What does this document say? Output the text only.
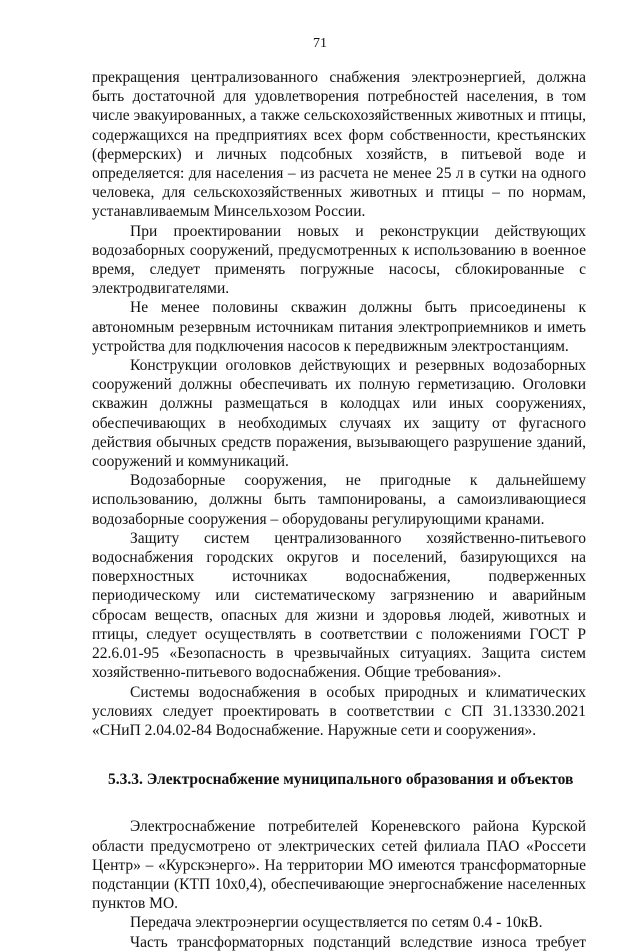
71

прекращения централизованного снабжения электроэнергией, должна быть достаточной для удовлетворения потребностей населения, в том числе эвакуированных, а также сельскохозяйственных животных и птицы, содержащихся на предприятиях всех форм собственности, крестьянских (фермерских) и личных подсобных хозяйств, в питьевой воде и определяется: для населения – из расчета не менее 25 л в сутки на одного человека, для сельскохозяйственных животных и птицы – по нормам, устанавливаемым Минсельхозом России.

При проектировании новых и реконструкции действующих водозаборных сооружений, предусмотренных к использованию в военное время, следует применять погружные насосы, сблокированные с электродвигателями.

Не менее половины скважин должны быть присоединены к автономным резервным источникам питания электроприемников и иметь устройства для подключения насосов к передвижным электростанциям.

Конструкции оголовков действующих и резервных водозаборных сооружений должны обеспечивать их полную герметизацию. Оголовки скважин должны размещаться в колодцах или иных сооружениях, обеспечивающих в необходимых случаях их защиту от фугасного действия обычных средств поражения, вызывающего разрушение зданий, сооружений и коммуникаций.

Водозаборные сооружения, не пригодные к дальнейшему использованию, должны быть тампонированы, а самоизливающиеся водозаборные сооружения – оборудованы регулирующими кранами.

Защиту систем централизованного хозяйственно-питьевого водоснабжения городских округов и поселений, базирующихся на поверхностных источниках водоснабжения, подверженных периодическому или систематическому загрязнению и аварийным сбросам веществ, опасных для жизни и здоровья людей, животных и птицы, следует осуществлять в соответствии с положениями ГОСТ Р 22.6.01-95 «Безопасность в чрезвычайных ситуациях. Защита систем хозяйственно-питьевого водоснабжения. Общие требования».

Системы водоснабжения в особых природных и климатических условиях следует проектировать в соответствии с СП 31.13330.2021 «СНиП 2.04.02-84 Водоснабжение. Наружные сети и сооружения».

5.3.3. Электроснабжение муниципального образования и объектов

Электроснабжение потребителей Кореневского района Курской области предусмотрено от электрических сетей филиала ПАО «Россети Центр» – «Курскэнерго». На территории МО имеются трансформаторные подстанции (КТП 10х0,4), обеспечивающие энергоснабжение населенных пунктов МО.

Передача электроэнергии осуществляется по сетям 0.4 - 10кВ.

Часть трансформаторных подстанций вследствие износа требует
